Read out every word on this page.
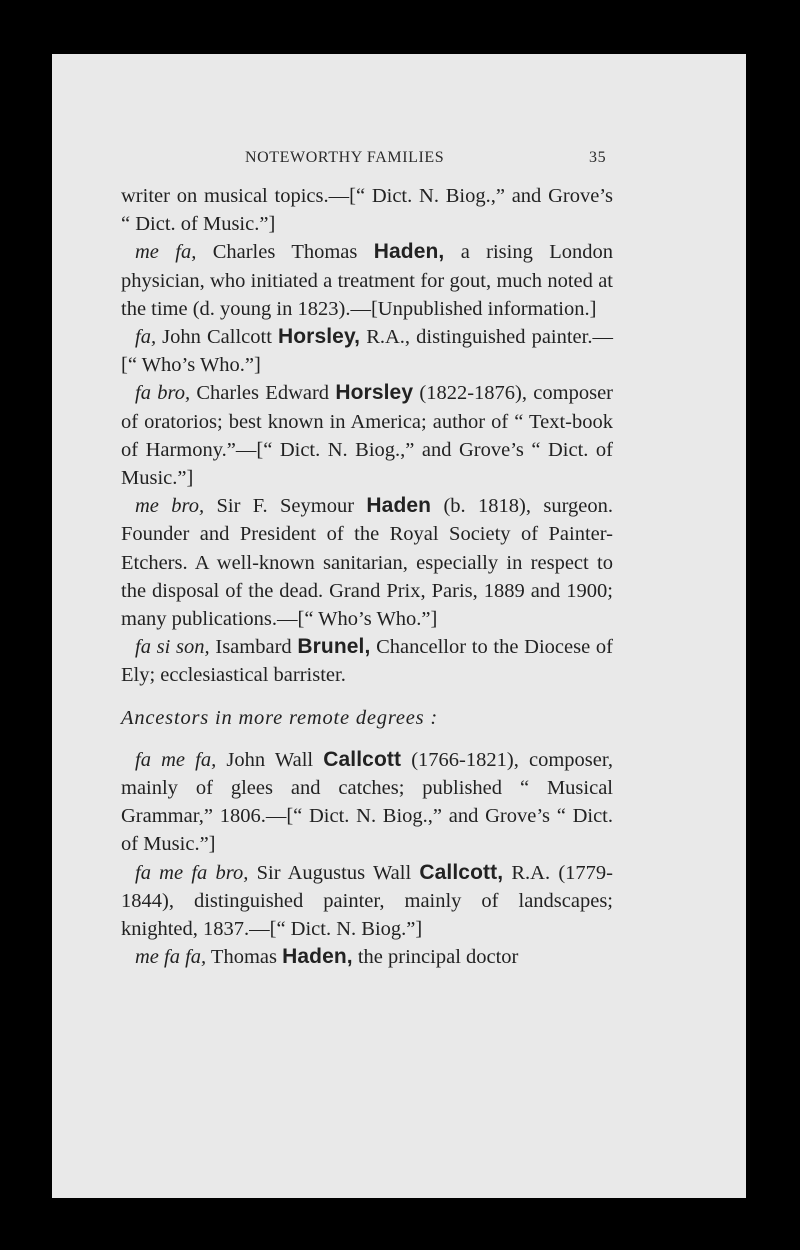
NOTEWORTHY FAMILIES	35

writer on musical topics.—[“ Dict. N. Biog.,” and Grove’s “ Dict. of Music.”]

me fa, Charles Thomas Haden, a rising London physician, who initiated a treatment for gout, much noted at the time (d. young in 1823).—[Unpublished information.]

fa, John Callcott Horsley, R.A., distinguished painter.—[“ Who’s Who.”]

fa bro, Charles Edward Horsley (1822-1876), composer of oratorios; best known in America; author of “ Text-book of Harmony.”—[“ Dict. N. Biog.,” and Grove’s “ Dict. of Music.”]

me bro, Sir F. Seymour Haden (b. 1818), surgeon. Founder and President of the Royal Society of Painter-Etchers. A well-known sanitarian, especially in respect to the disposal of the dead. Grand Prix, Paris, 1889 and 1900; many publications.—[“ Who’s Who.”]

fa si son, Isambard Brunel, Chancellor to the Diocese of Ely; ecclesiastical barrister.

Ancestors in more remote degrees :

fa me fa, John Wall Callcott (1766-1821), composer, mainly of glees and catches; published “ Musical Grammar,” 1806.—[“ Dict. N. Biog.,” and Grove’s “ Dict. of Music.”]

fa me fa bro, Sir Augustus Wall Callcott, R.A. (1779-1844), distinguished painter, mainly of landscapes; knighted, 1837.—[“ Dict. N. Biog.”]

me fa fa, Thomas Haden, the principal doctor
